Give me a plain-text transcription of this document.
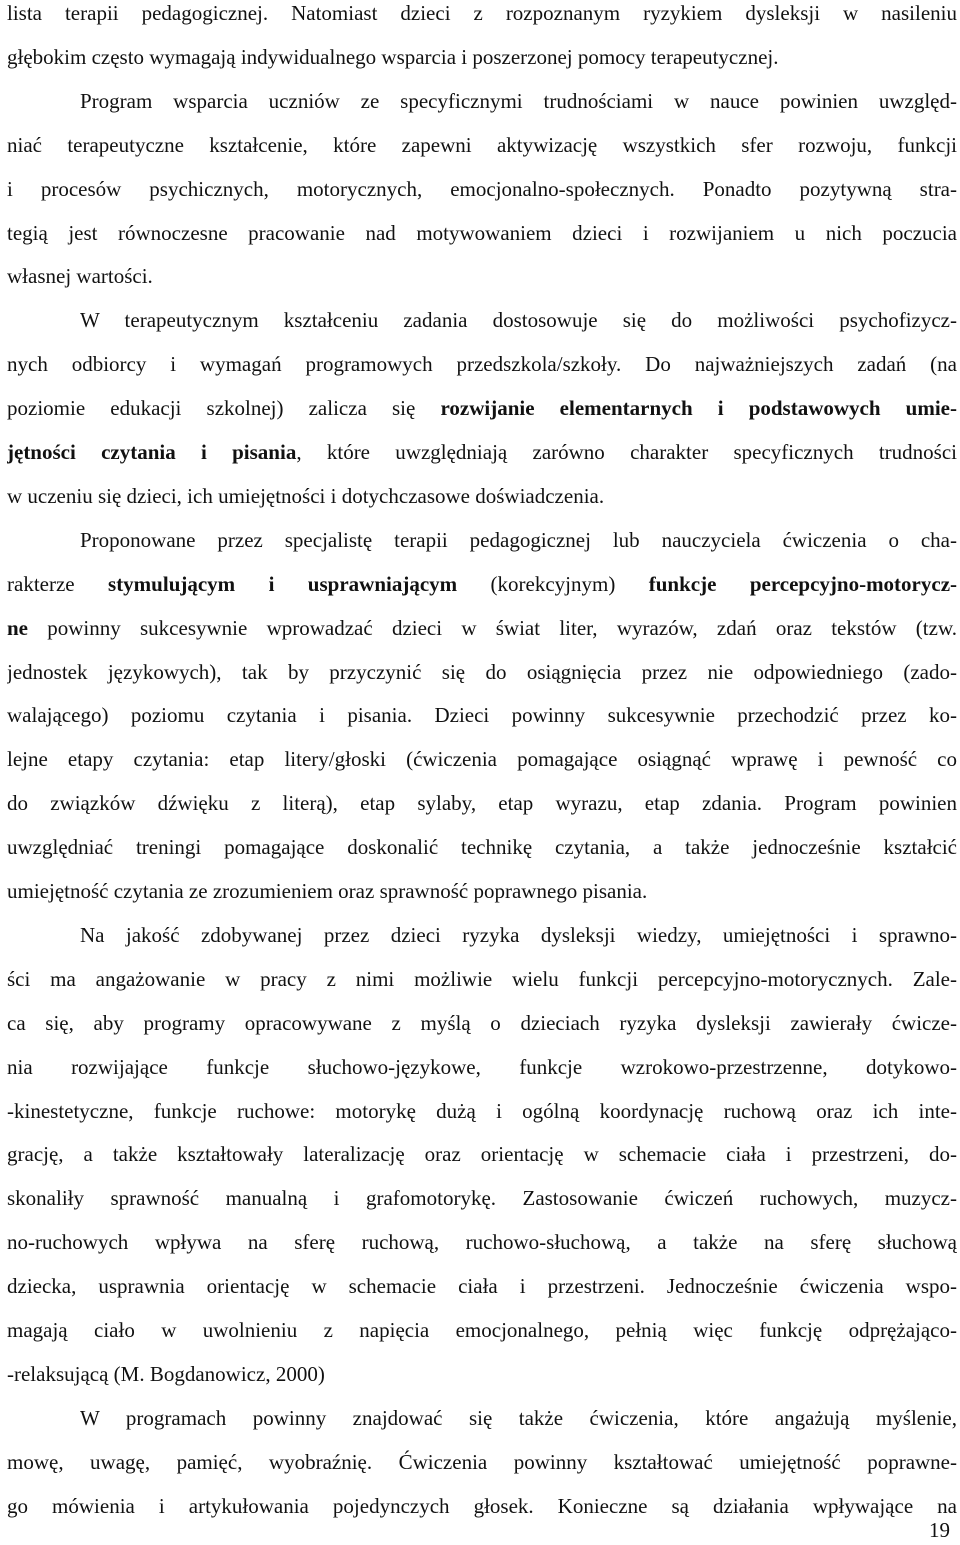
lista terapii pedagogicznej. Natomiast dzieci z rozpoznanym ryzykiem dysleksji w nasileniu
głębokim często wymagają indywidualnego wsparcia i poszerzonej pomocy terapeutycznej.
Program wsparcia uczniów ze specyficznymi trudnościami w nauce powinien uwzględ-
niać terapeutyczne kształcenie, które zapewni aktywizację wszystkich sfer rozwoju, funkcji
i procesów psychicznych, motorycznych, emocjonalno-społecznych. Ponadto pozytywną stra-
tegią jest równoczesne pracowanie nad motywowaniem dzieci i rozwijaniem u nich poczucia
własnej wartości.
W terapeutycznym kształceniu zadania dostosowuje się do możliwości psychofizycz-
nych odbiorcy i wymagań programowych przedszkola/szkoły. Do najważniejszych zadań (na
poziomie edukacji szkolnej) zalicza się rozwijanie elementarnych i podstawowych umie-
jętności czytania i pisania, które uwzględniają zarówno charakter specyficznych trudności
w uczeniu się dzieci, ich umiejętności i dotychczasowe doświadczenia.
Proponowane przez specjalistę terapii pedagogicznej lub nauczyciela ćwiczenia o cha-
rakterze stymulującym i usprawniającym (korekcyjnym) funkcje percepcyjno-motorycz-
ne powinny sukcesywnie wprowadzać dzieci w świat liter, wyrazów, zdań oraz tekstów (tzw.
jednostek językowych), tak by przyczynić się do osiągnięcia przez nie odpowiedniego (zado-
walającego) poziomu czytania i pisania. Dzieci powinny sukcesywnie przechodzić przez ko-
lejne etapy czytania: etap litery/głoski (ćwiczenia pomagające osiągnąć wprawę i pewność co
do związków dźwięku z literą), etap sylaby, etap wyrazu, etap zdania. Program powinien
uwzględniać treningi pomagające doskonalić technikę czytania, a także jednocześnie kształcić
umiejętność czytania ze zrozumieniem oraz sprawność poprawnego pisania.
Na jakość zdobywanej przez dzieci ryzyka dysleksji wiedzy, umiejętności i sprawno-
ści ma angażowanie w pracy z nimi możliwie wielu funkcji percepcyjno-motorycznych. Zale-
ca się, aby programy opracowywane z myślą o dzieciach ryzyka dysleksji zawierały ćwicze-
nia rozwijające funkcje słuchowo-językowe, funkcje wzrokowo-przestrzenne, dotykowo-
-kinestetyczne, funkcje ruchowe: motorykę dużą i ogólną koordynację ruchową oraz ich inte-
grację, a także kształtowały lateralizację oraz orientację w schemacie ciała i przestrzeni, do-
skonaliły sprawność manualną i grafomotorykę. Zastosowanie ćwiczeń ruchowych, muzycz-
no-ruchowych wpływa na sferę ruchową, ruchowo-słuchową, a także na sferę słuchową
dziecka, usprawnia orientację w schemacie ciała i przestrzeni. Jednocześnie ćwiczenia wspo-
magają ciało w uwolnieniu z napięcia emocjonalnego, pełnią więc funkcję odprężająco-
-relaksującą (M. Bogdanowicz, 2000)
W programach powinny znajdować się także ćwiczenia, które angażują myślenie,
mowę, uwagę, pamięć, wyobraźnię. Ćwiczenia powinny kształtować umiejętność poprawne-
go mówienia i artykułowania pojedynczych głosek. Konieczne są działania wpływające na
19
